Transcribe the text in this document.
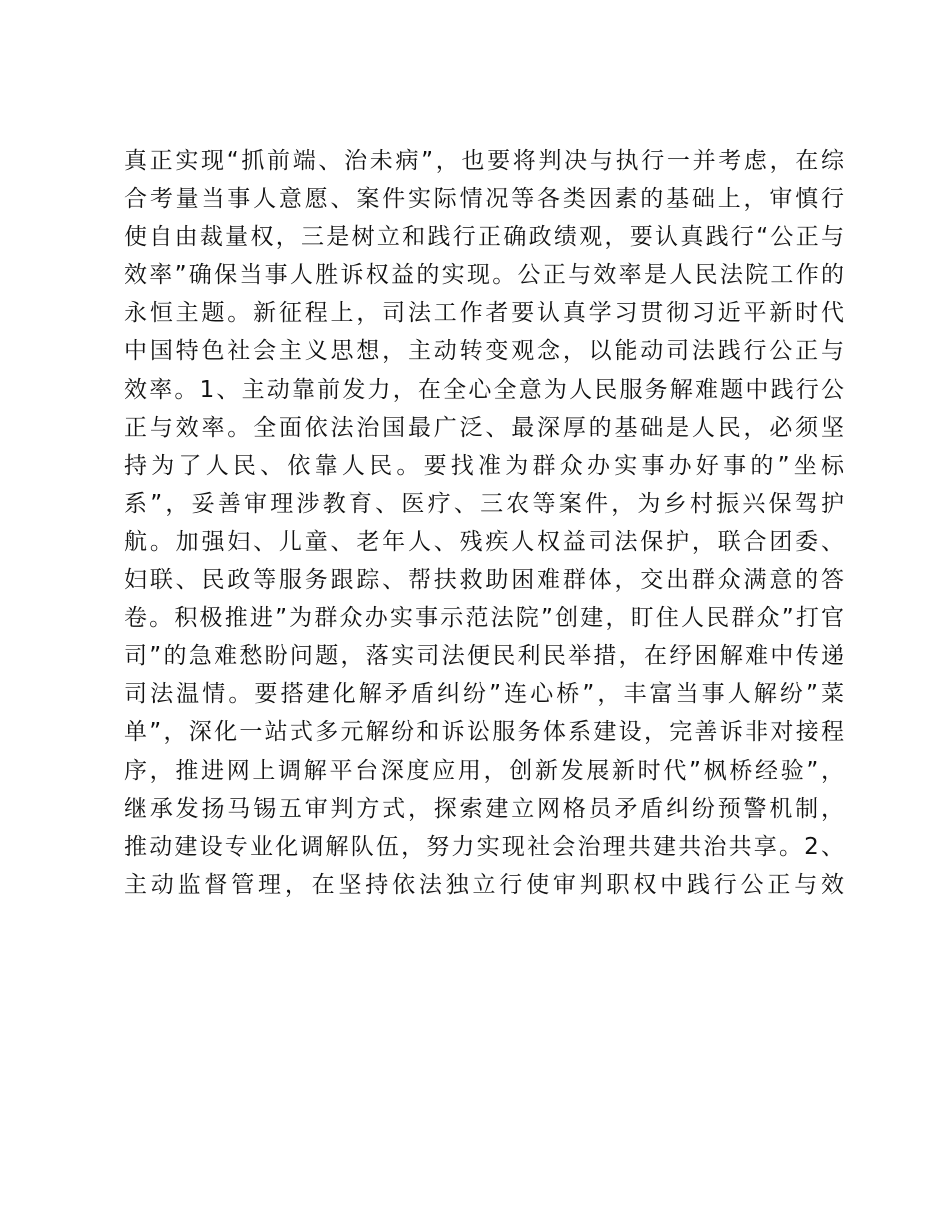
真正实现“抓前端、治未病”，也要将判决与执行一并考虑，在综
合考量当事人意愿、案件实际情况等各类因素的基础上，审慎行
使自由裁量权，三是树立和践行正确政绩观，要认真践行“公正与
效率”确保当事人胜诉权益的实现。公正与效率是人民法院工作的
永恒主题。新征程上，司法工作者要认真学习贯彻习近平新时代
中国特色社会主义思想，主动转变观念，以能动司法践行公正与
效率。1、主动靠前发力，在全心全意为人民服务解难题中践行公
正与效率。全面依法治国最广泛、最深厚的基础是人民，必须坚
持为了人民、依靠人民。要找准为群众办实事办好事的”坐标
系”，妥善审理涉教育、医疗、三农等案件，为乡村振兴保驾护
航。加强妇、儿童、老年人、残疾人权益司法保护，联合团委、
妇联、民政等服务跟踪、帮扶救助困难群体，交出群众满意的答
卷。积极推进”为群众办实事示范法院”创建，盯住人民群众”打官
司”的急难愁盼问题，落实司法便民利民举措，在纾困解难中传递
司法温情。要搭建化解矛盾纠纷”连心桥”，丰富当事人解纷”菜
单”，深化一站式多元解纷和诉讼服务体系建设，完善诉非对接程
序，推进网上调解平台深度应用，创新发展新时代”枫桥经验”，
继承发扬马锡五审判方式，探索建立网格员矛盾纠纷预警机制，
推动建设专业化调解队伍，努力实现社会治理共建共治共享。2、
主动监督管理，在坚持依法独立行使审判职权中践行公正与效
